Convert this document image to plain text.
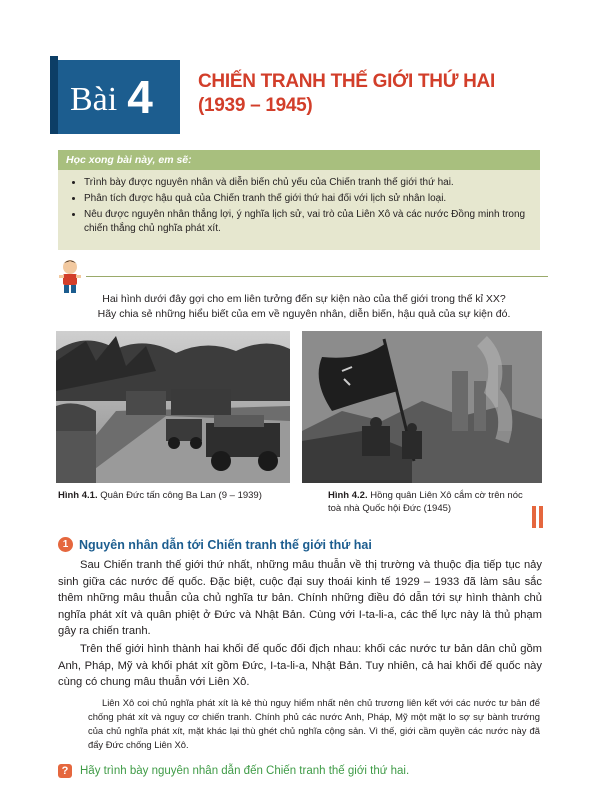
Bài 4 CHIẾN TRANH THẾ GIỚI THỨ HAI
(1939 – 1945)
Học xong bài này, em sẽ:
• Trình bày được nguyên nhân và diễn biến chủ yếu của Chiến tranh thế giới thứ hai.
• Phân tích được hậu quả của Chiến tranh thế giới thứ hai đối với lịch sử nhân loại.
• Nêu được nguyên nhân thắng lợi, ý nghĩa lịch sử, vai trò của Liên Xô và các nước Đồng minh trong chiến thắng chủ nghĩa phát xít.
Hai hình dưới đây gợi cho em liên tưởng đến sự kiện nào của thế giới trong thế kỉ XX?
Hãy chia sẻ những hiểu biết của em về nguyên nhân, diễn biến, hậu quả của sự kiện đó.
Hình 4.1. Quân Đức tấn công Ba Lan (9 – 1939)	Hình 4.2. Hồng quân Liên Xô cắm cờ trên nóc toà nhà Quốc hội Đức (1945)
1 Nguyên nhân dẫn tới Chiến tranh thế giới thứ hai
Sau Chiến tranh thế giới thứ nhất, những mâu thuẫn về thị trường và thuộc địa tiếp tục nảy sinh giữa các nước đế quốc. Đặc biệt, cuộc đại suy thoái kinh tế 1929 – 1933 đã làm sâu sắc thêm những mâu thuẫn của chủ nghĩa tư bản. Chính những điều đó dẫn tới sự hình thành chủ nghĩa phát xít và quân phiệt ở Đức và Nhật Bản. Cùng với I-ta-li-a, các thế lực này là thủ phạm gây ra chiến tranh.
Trên thế giới hình thành hai khối đế quốc đối địch nhau: khối các nước tư bản dân chủ gồm Anh, Pháp, Mỹ và khối phát xít gồm Đức, I-ta-li-a, Nhật Bản. Tuy nhiên, cả hai khối đế quốc này cùng có chung mâu thuẫn với Liên Xô.
Liên Xô coi chủ nghĩa phát xít là kẻ thù nguy hiểm nhất nên chủ trương liên kết với các nước tư bản để chống phát xít và nguy cơ chiến tranh. Chính phủ các nước Anh, Pháp, Mỹ một mặt lo sợ sự bành trướng của chủ nghĩa phát xít, mặt khác lại thù ghét chủ nghĩa cộng sản. Vì thế, giới cầm quyền các nước này đã đẩy Đức chống Liên Xô.
?	Hãy trình bày nguyên nhân dẫn đến Chiến tranh thế giới thứ hai.
